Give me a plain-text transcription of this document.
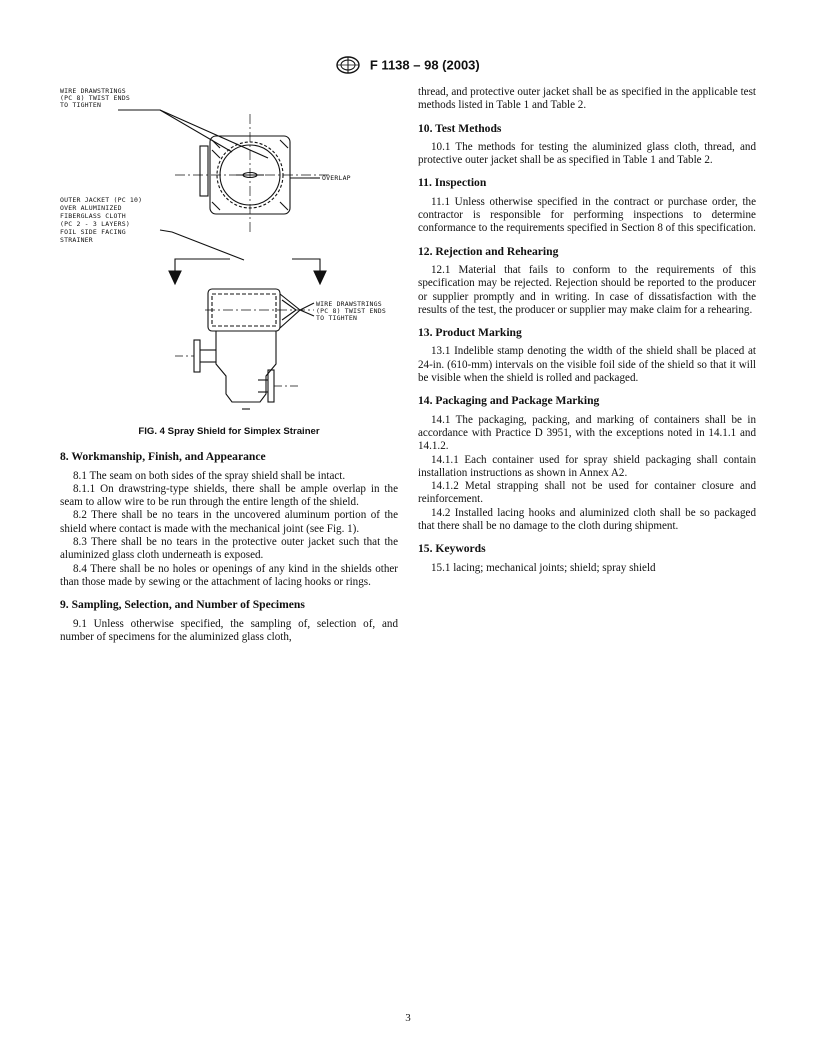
F 1138 – 98 (2003)
WIRE DRAWSTRINGS (PC 8) TWIST ENDS TO TIGHTEN
OVERLAP
OUTER JACKET (PC 10) OVER ALUMINIZED FIBERGLASS CLOTH (PC 2 - 3 LAYERS) FOIL SIDE FACING STRAINER
WIRE DRAWSTRINGS (PC 8) TWIST ENDS TO TIGHTEN
FIG. 4 Spray Shield for Simplex Strainer
8. Workmanship, Finish, and Appearance

8.1 The seam on both sides of the spray shield shall be intact.

8.1.1 On drawstring-type shields, there shall be ample overlap in the seam to allow wire to be run through the entire length of the shield.

8.2 There shall be no tears in the uncovered aluminum portion of the shield where contact is made with the mechanical joint (see Fig. 1).

8.3 There shall be no tears in the protective outer jacket such that the aluminized glass cloth underneath is exposed.

8.4 There shall be no holes or openings of any kind in the shields other than those made by sewing or the attachment of lacing hooks or rings.

9. Sampling, Selection, and Number of Specimens

9.1 Unless otherwise specified, the sampling of, selection of, and number of specimens for the aluminized glass cloth,

thread, and protective outer jacket shall be as specified in the applicable test methods listed in Table 1 and Table 2.

10. Test Methods

10.1 The methods for testing the aluminized glass cloth, thread, and protective outer jacket shall be as specified in Table 1 and Table 2.

11. Inspection

11.1 Unless otherwise specified in the contract or purchase order, the contractor is responsible for performing inspections to determine conformance to the requirements specified in Section 8 of this specification.

12. Rejection and Rehearing

12.1 Material that fails to conform to the requirements of this specification may be rejected. Rejection should be reported to the producer or supplier promptly and in writing. In case of dissatisfaction with the results of the test, the producer or supplier may make claim for a rehearing.

13. Product Marking

13.1 Indelible stamp denoting the width of the shield shall be placed at 24-in. (610-mm) intervals on the visible foil side of the shield so that it will be visible when the shield is rolled and packaged.

14. Packaging and Package Marking

14.1 The packaging, packing, and marking of containers shall be in accordance with Practice D 3951, with the exceptions noted in 14.1.1 and 14.1.2.

14.1.1 Each container used for spray shield packaging shall contain installation instructions as shown in Annex A2.

14.1.2 Metal strapping shall not be used for container closure and reinforcement.

14.2 Installed lacing hooks and aluminized cloth shall be so packaged that there shall be no damage to the cloth during shipment.

15. Keywords

15.1 lacing; mechanical joints; shield; spray shield

3
